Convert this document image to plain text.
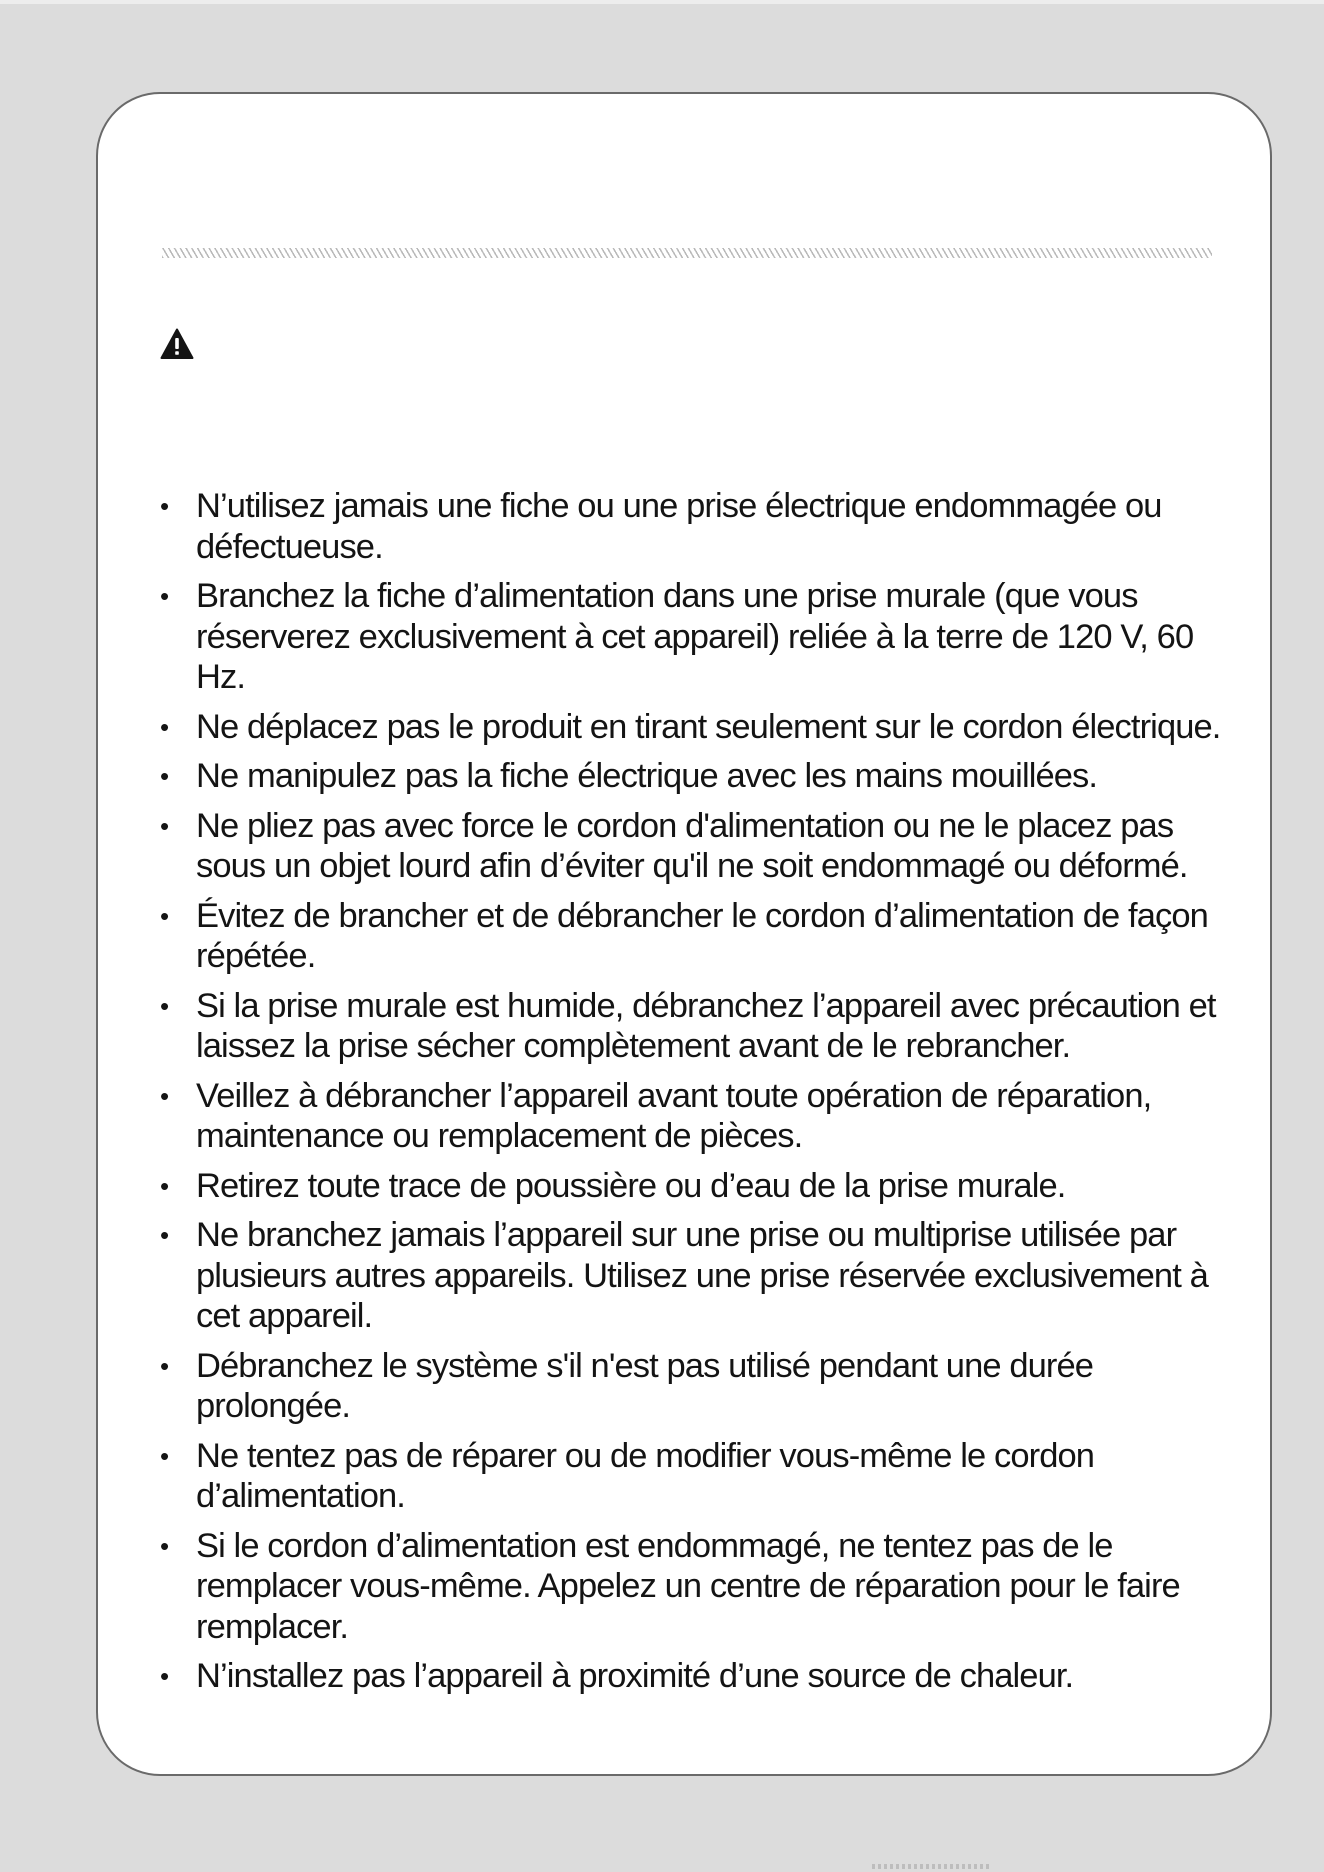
• N’utilisez jamais une fiche ou une prise électrique endommagée ou défectueuse.
• Branchez la fiche d’alimentation dans une prise murale (que vous réserverez exclusivement à cet appareil) reliée à la terre de 120 V, 60 Hz.
• Ne déplacez pas le produit en tirant seulement sur le cordon électrique.
• Ne manipulez pas la fiche électrique avec les mains mouillées.
• Ne pliez pas avec force le cordon d'alimentation ou ne le placez pas sous un objet lourd afin d’éviter qu'il ne soit endommagé ou déformé.
• Évitez de brancher et de débrancher le cordon d’alimentation de façon répétée.
• Si la prise murale est humide, débranchez l’appareil avec précaution et laissez la prise sécher complètement avant de le rebrancher.
• Veillez à débrancher l’appareil avant toute opération de réparation, maintenance ou remplacement de pièces.
• Retirez toute trace de poussière ou d’eau de la prise murale.
• Ne branchez jamais l’appareil sur une prise ou multiprise utilisée par plusieurs autres appareils. Utilisez une prise réservée exclusivement à cet appareil.
• Débranchez le système s'il n'est pas utilisé pendant une durée prolongée.
• Ne tentez pas de réparer ou de modifier vous-même le cordon d’alimentation.
• Si le cordon d’alimentation est endommagé, ne tentez pas de le remplacer vous-même. Appelez un centre de réparation pour le faire remplacer.
• N’installez pas l’appareil à proximité d’une source de chaleur.
